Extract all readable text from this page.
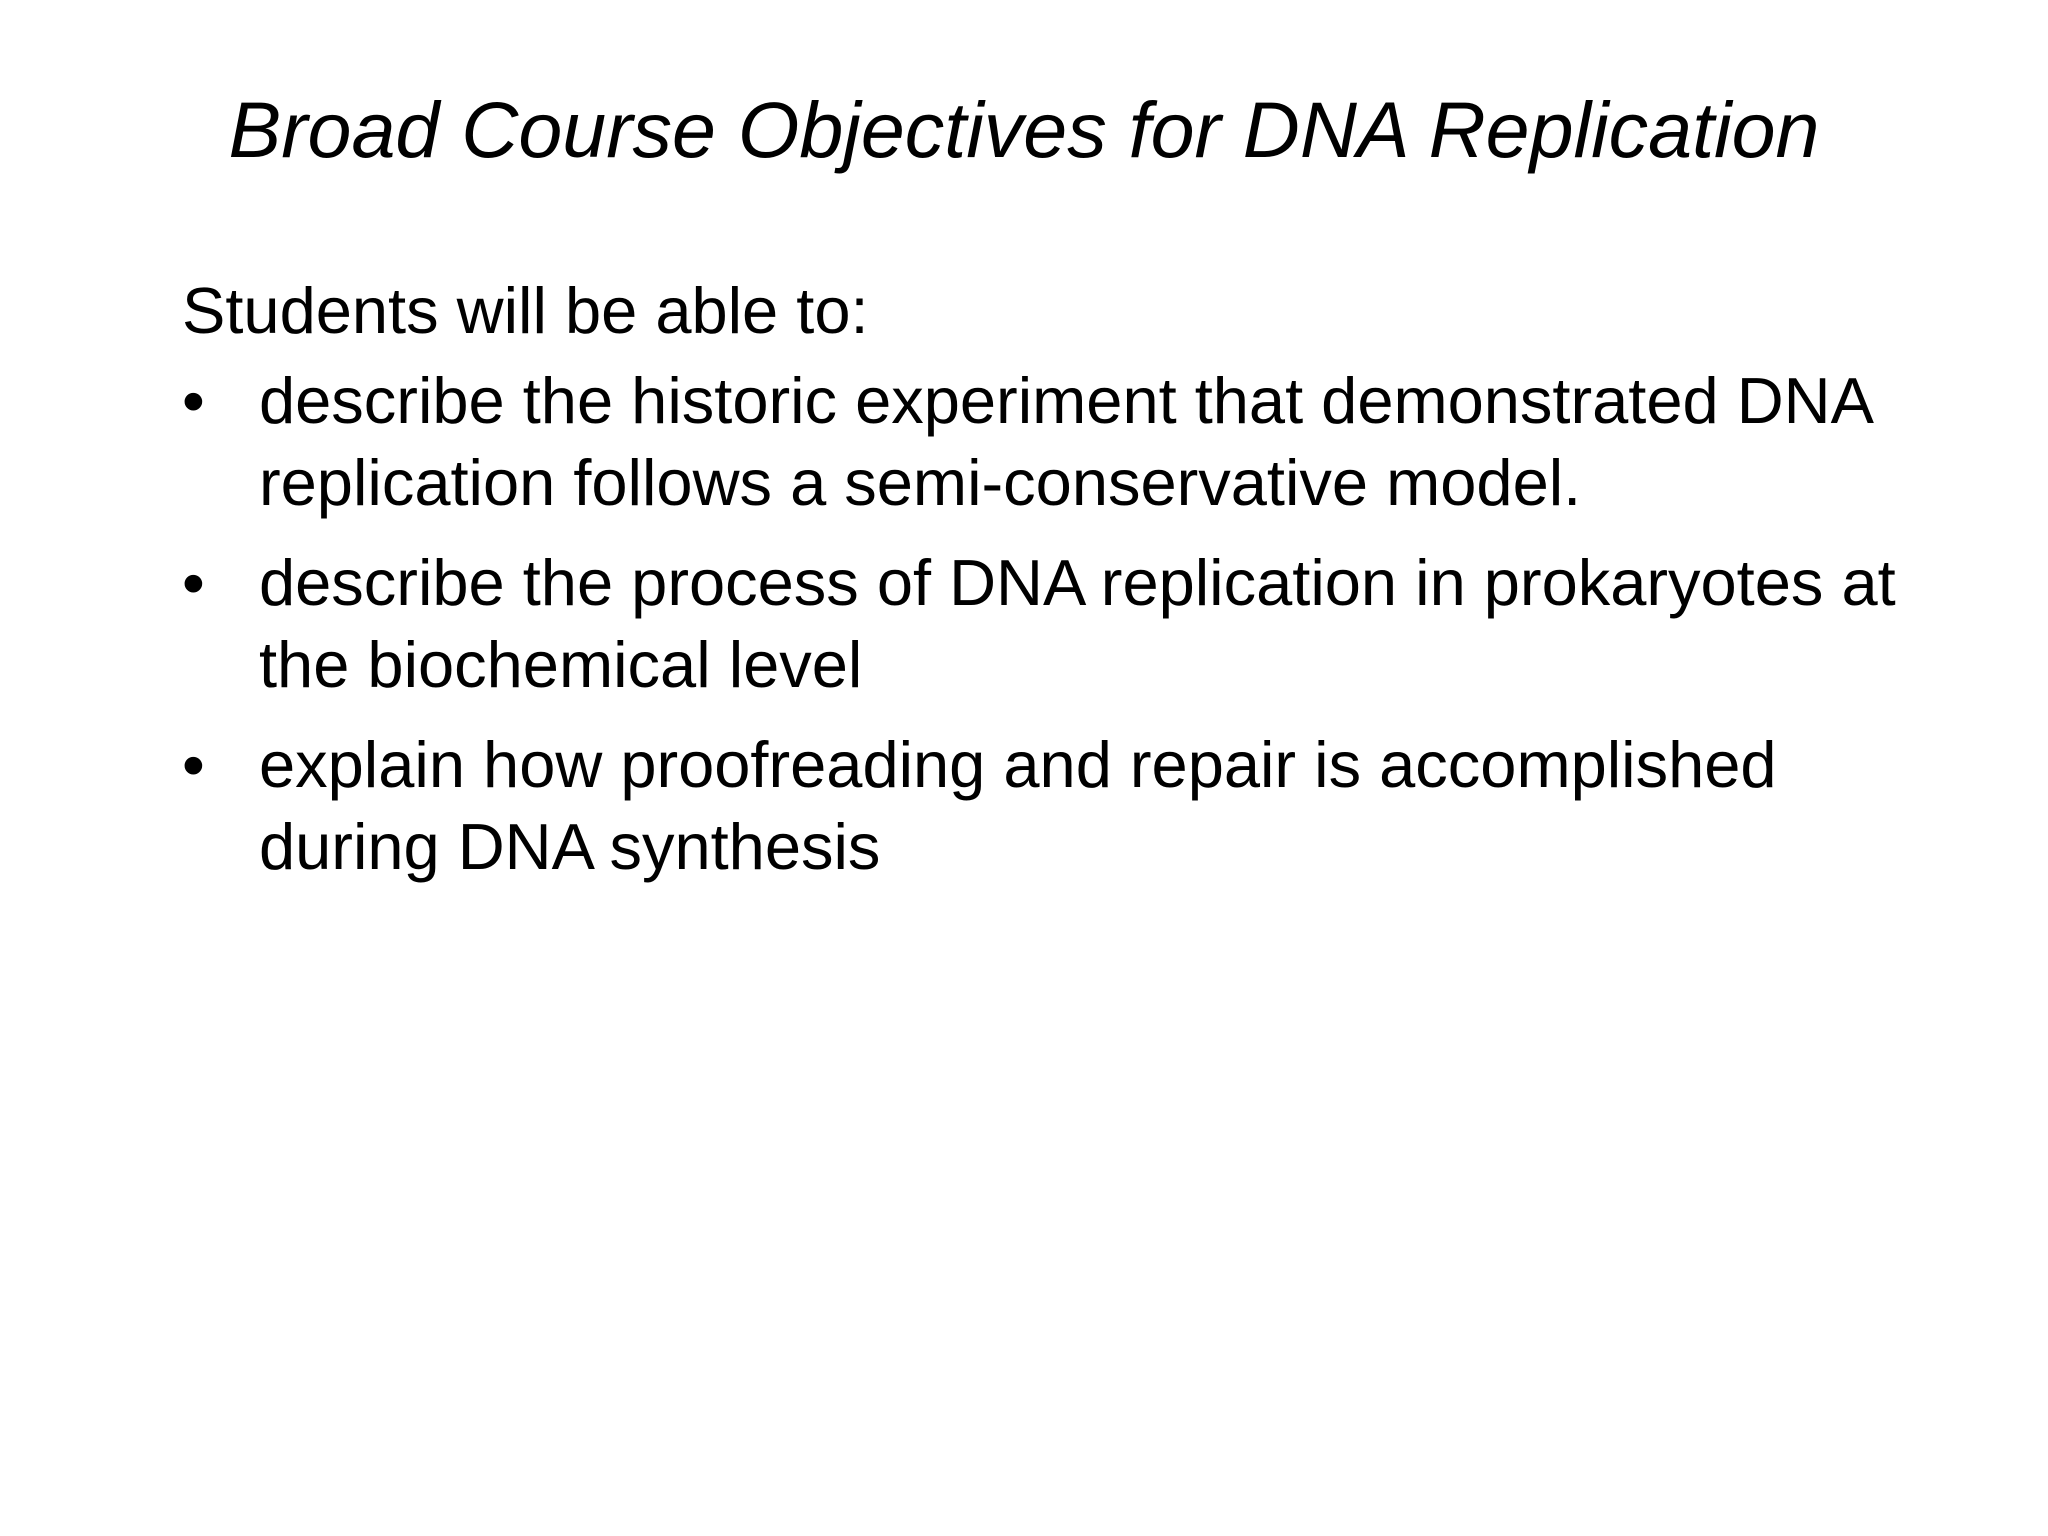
Broad Course Objectives for DNA Replication

Students will be able to:

• describe the historic experiment that demonstrated DNA replication follows a semi-conservative model.
• describe the process of DNA replication in prokaryotes at the biochemical level
• explain how proofreading and repair is accomplished during DNA synthesis
